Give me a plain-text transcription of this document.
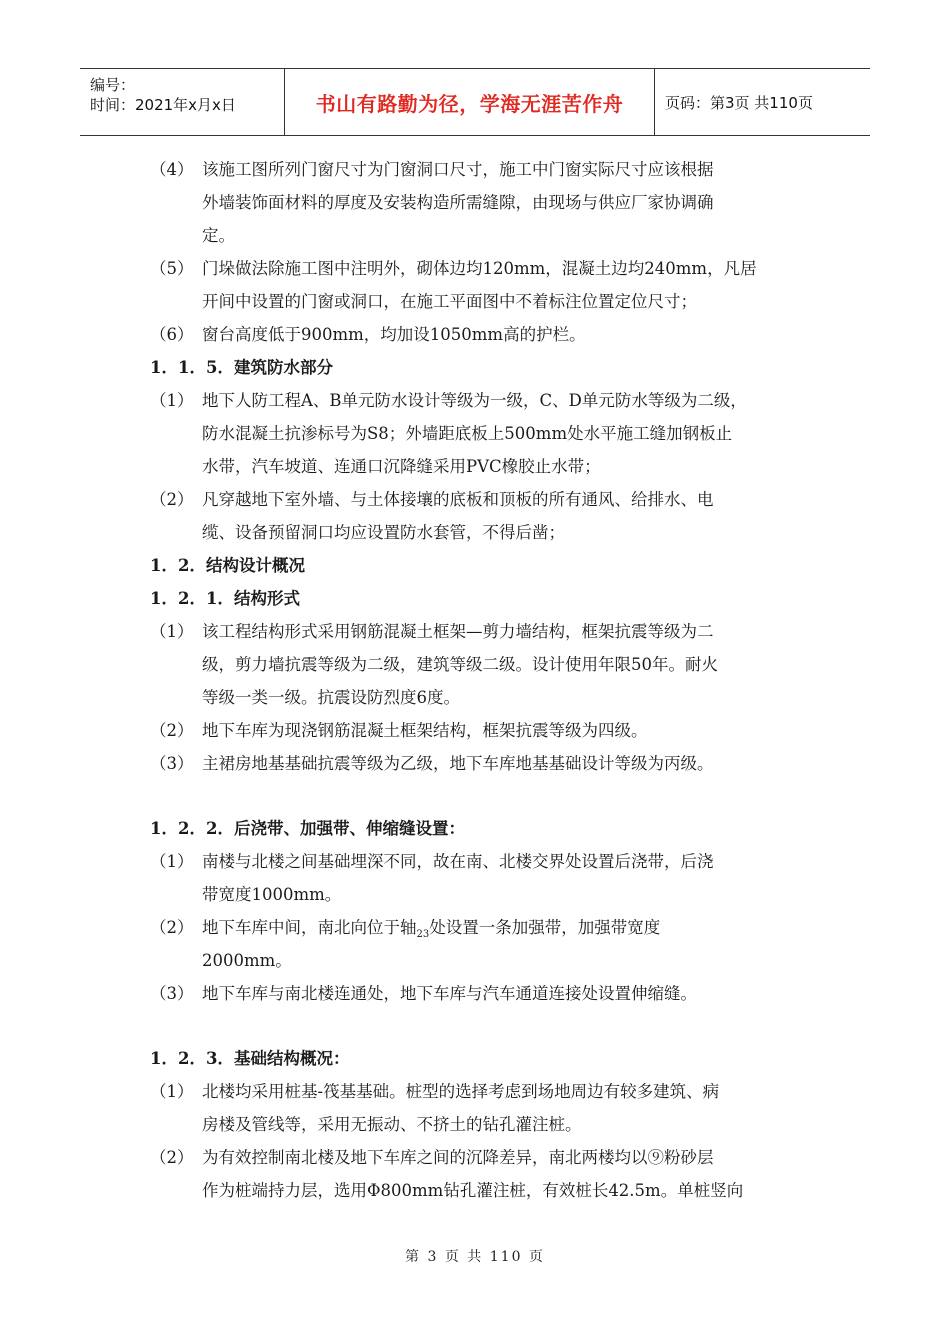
编号：
时间：2021年x月x日	书山有路勤为径，学海无涯苦作舟	页码：第3页 共110页
（4） 该施工图所列门窗尺寸为门窗洞口尺寸，施工中门窗实际尺寸应该根据
外墙装饰面材料的厚度及安装构造所需缝隙，由现场与供应厂家协调确
定。
（5） 门垛做法除施工图中注明外，砌体边均120mm，混凝土边均240mm，凡居
开间中设置的门窗或洞口，在施工平面图中不着标注位置定位尺寸；
（6） 窗台高度低于900mm，均加设1050mm高的护栏。
1．1．5．建筑防水部分
（1） 地下人防工程A、B单元防水设计等级为一级，C、D单元防水等级为二级，
防水混凝土抗渗标号为S8；外墙距底板上500mm处水平施工缝加钢板止
水带，汽车坡道、连通口沉降缝采用PVC橡胶止水带；
（2） 凡穿越地下室外墙、与土体接壤的底板和顶板的所有通风、给排水、电
缆、设备预留洞口均应设置防水套管，不得后凿；
1．2．结构设计概况
1．2．1．结构形式
（1） 该工程结构形式采用钢筋混凝土框架—剪力墙结构，框架抗震等级为二
级，剪力墙抗震等级为二级，建筑等级二级。设计使用年限50年。耐火
等级一类一级。抗震设防烈度6度。
（2） 地下车库为现浇钢筋混凝土框架结构，框架抗震等级为四级。
（3） 主裙房地基基础抗震等级为乙级，地下车库地基基础设计等级为丙级。
1．2．2．后浇带、加强带、伸缩缝设置：
（1） 南楼与北楼之间基础埋深不同，故在南、北楼交界处设置后浇带，后浇
带宽度1000mm。
（2） 地下车库中间，南北向位于轴$_{23}$处设置一条加强带，加强带宽度
2000mm。
（3） 地下车库与南北楼连通处，地下车库与汽车通道连接处设置伸缩缝。
1．2．3．基础结构概况：
（1） 北楼均采用桩基-筏基基础。桩型的选择考虑到场地周边有较多建筑、病
房楼及管线等，采用无振动、不挤土的钻孔灌注桩。
（2） 为有效控制南北楼及地下车库之间的沉降差异，南北两楼均以⑨粉砂层
作为桩端持力层，选用Φ800mm钻孔灌注桩，有效桩长42.5m。单桩竖向
第 3 页 共 110 页
